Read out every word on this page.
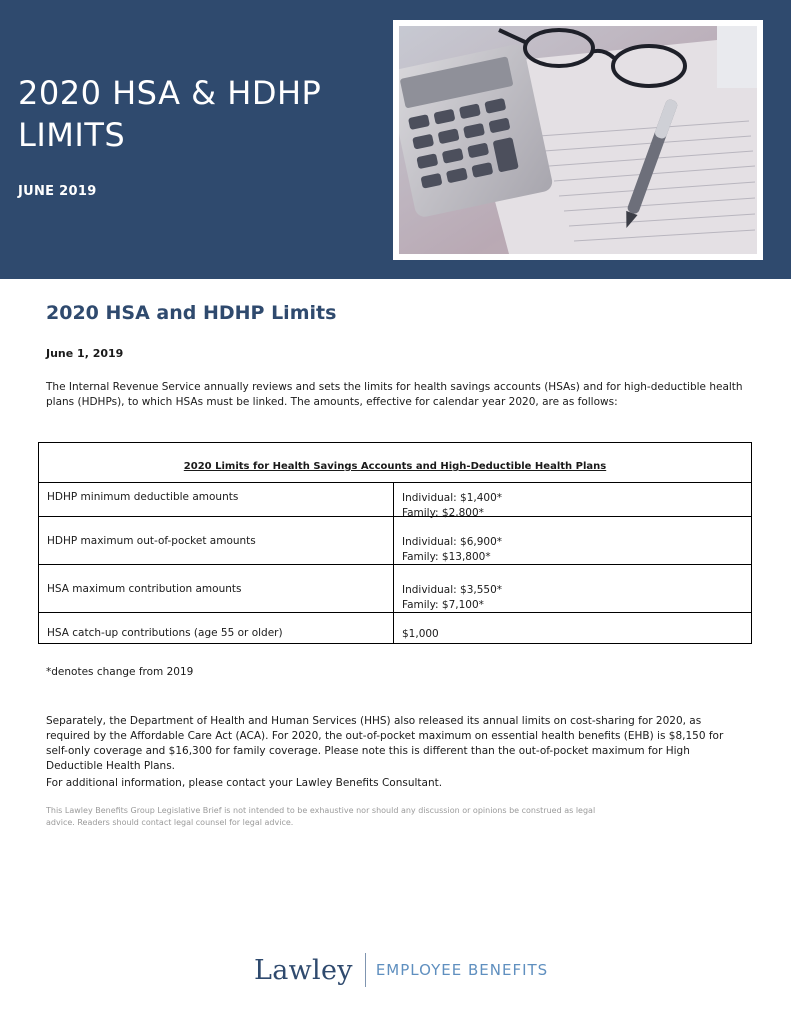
2020 HSA & HDHP LIMITS
JUNE 2019
2020 HSA and HDHP Limits
June 1, 2019
The Internal Revenue Service annually reviews and sets the limits for health savings accounts (HSAs) and for high-deductible health plans (HDHPs), to which HSAs must be linked. The amounts, effective for calendar year 2020, are as follows:
2020 Limits for Health Savings Accounts and High-Deductible Health Plans
HDHP minimum deductible amounts	Individual: $1,400*
Family: $2,800*
HDHP maximum out-of-pocket amounts	Individual: $6,900*
Family: $13,800*
HSA maximum contribution amounts	Individual: $3,550*
Family: $7,100*
HSA catch-up contributions (age 55 or older)	$1,000
*denotes change from 2019
Separately, the Department of Health and Human Services (HHS) also released its annual limits on cost-sharing for 2020, as required by the Affordable Care Act (ACA). For 2020, the out-of-pocket maximum on essential health benefits (EHB) is $8,150 for self-only coverage and $16,300 for family coverage. Please note this is different than the out-of-pocket maximum for High Deductible Health Plans.
For additional information, please contact your Lawley Benefits Consultant.
This Lawley Benefits Group Legislative Brief is not intended to be exhaustive nor should any discussion or opinions be construed as legal advice. Readers should contact legal counsel for legal advice.
Lawley EMPLOYEE BENEFITS
